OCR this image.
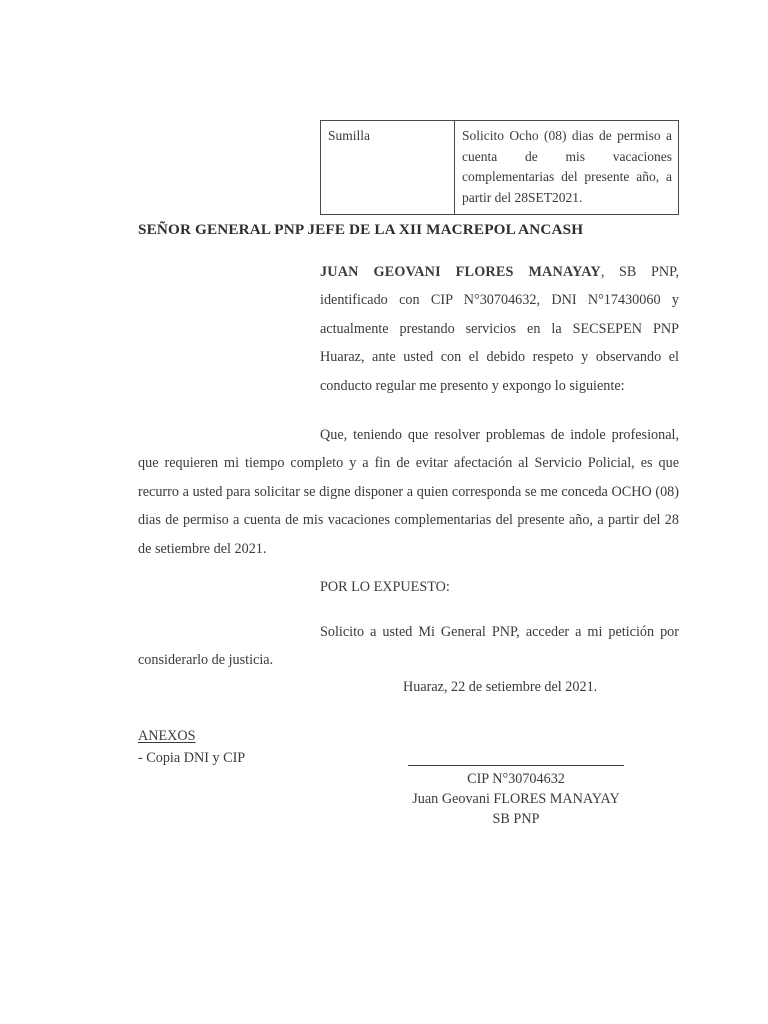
Sumilla	Solicito Ocho (08) dias de permiso a cuenta de mis vacaciones complementarias del presente año, a partir del 28SET2021.
SEÑOR GENERAL PNP JEFE DE LA XII MACREPOL ANCASH
JUAN GEOVANI FLORES MANAYAY, SB PNP, identificado con CIP N°30704632, DNI N°17430060 y actualmente prestando servicios en la SECSEPEN PNP Huaraz, ante usted con el debido respeto y observando el conducto regular me presento y expongo lo siguiente:
Que, teniendo que resolver problemas de indole profesional, que requieren mi tiempo completo y a fin de evitar afectación al Servicio Policial, es que recurro a usted para solicitar se digne disponer a quien corresponda se me conceda OCHO (08) dias de permiso a cuenta de mis vacaciones complementarias del presente año, a partir del 28 de setiembre del 2021.
POR LO EXPUESTO:
Solicito a usted Mi General PNP, acceder a mi petición por considerarlo de justicia.
Huaraz, 22 de setiembre del 2021.
ANEXOS
- Copia DNI y CIP
CIP N°30704632
Juan Geovani FLORES MANAYAY
SB PNP
